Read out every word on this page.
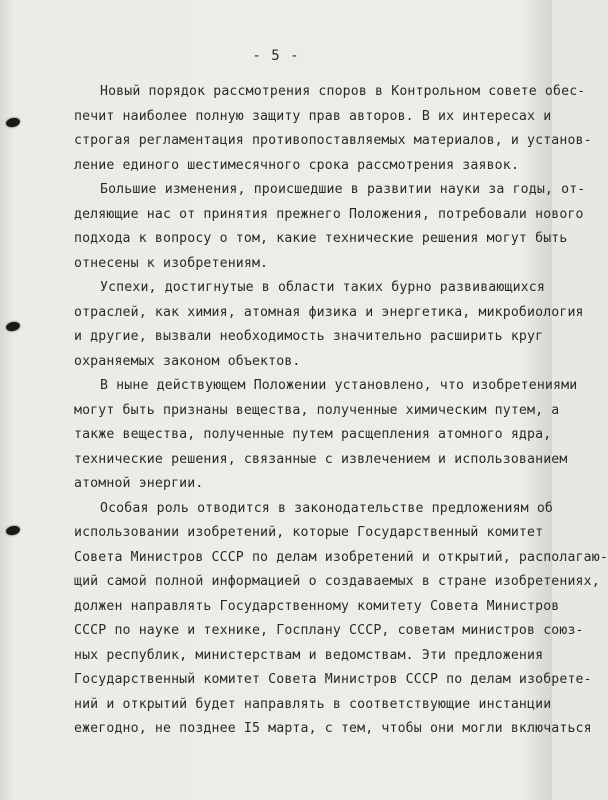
- 5 -
Новый порядок рассмотрения споров в Контрольном совете обес-
печит наиболее полную защиту прав авторов. В их интересах и
строгая регламентация противопоставляемых материалов, и установ-
ление единого шестимесячного срока рассмотрения заявок.
Большие изменения, происшедшие в развитии науки за годы, от-
деляющие нас от принятия прежнего Положения, потребовали нового
подхода к вопросу о том, какие технические решения могут быть
отнесены к изобретениям.
Успехи, достигнутые в области таких бурно развивающихся
отраслей, как химия, атомная физика и энергетика, микробиология
и другие, вызвали необходимость значительно расширить круг
охраняемых законом объектов.
В ныне действующем Положении установлено, что изобретениями
могут быть признаны вещества, полученные химическим путем, а
также вещества, полученные путем расщепления атомного ядра,
технические решения, связанные с извлечением и использованием
атомной энергии.
Особая роль отводится в законодательстве предложениям об
использовании изобретений, которые Государственный комитет
Совета Министров СССР по делам изобретений и открытий, располагаю-
щий самой полной информацией о создаваемых в стране изобретениях,
должен направлять Государственному комитету Совета Министров
СССР по науке и технике, Госплану СССР, советам министров союз-
ных республик, министерствам и ведомствам. Эти предложения
Государственный комитет Совета Министров СССР по делам изобрете-
ний и открытий будет направлять в соответствующие инстанции
ежегодно, не позднее I5 марта, с тем, чтобы они могли включаться
